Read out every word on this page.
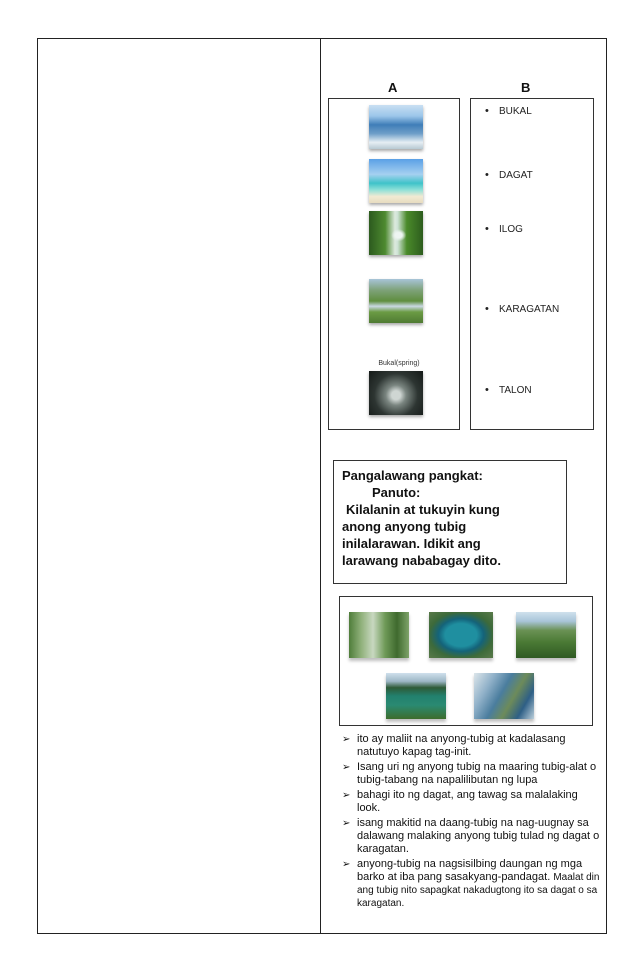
A	B
Bukal(spring)
• BUKAL
• DAGAT
• ILOG
• KARAGATAN
• TALON
Pangalawang pangkat:
Panuto:
Kilalanin at tukuyin kung
anong anyong tubig
inilalarawan. Idikit ang
larawang nababagay dito.
➢ ito ay maliit na anyong-tubig at kadalasang natutuyo kapag tag-init.
➢ Isang uri ng anyong tubig na maaring tubig-alat o tubig-tabang na napalilibutan ng lupa
➢ bahagi ito ng dagat, ang tawag sa malalaking look.
➢ isang makitid na daang-tubig na nag-uugnay sa dalawang malaking anyong tubig tulad ng dagat o karagatan.
➢ anyong-tubig na nagsisilbing daungan ng mga barko at iba pang sasakyang-pandagat. Maalat din ang tubig nito sapagkat nakadugtong ito sa dagat o sa karagatan.
